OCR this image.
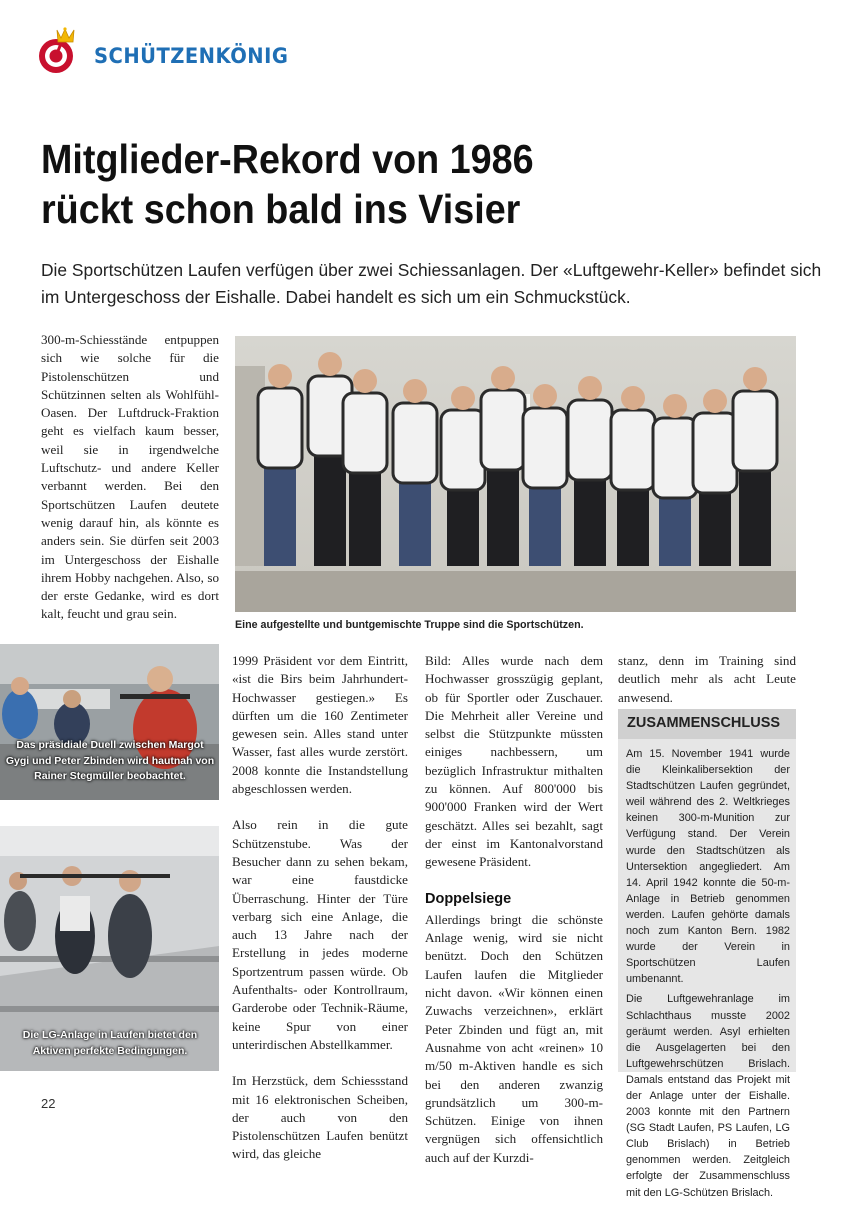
SCHÜTZENKÖNIG
Mitglieder-Rekord von 1986
rückt schon bald ins Visier

Die Sportschützen Laufen verfügen über zwei Schiessanlagen. Der «Luftgewehr-Keller» befindet sich im Untergeschoss der Eishalle. Dabei handelt es sich um ein Schmuckstück.

300-m-Schiesstände entpuppen sich wie solche für die Pistolenschützen und Schützinnen selten als Wohlfühl-Oasen. Der Luftdruck-Fraktion geht es vielfach kaum besser, weil sie in irgendwelche Luftschutz- und andere Keller verbannt werden. Bei den Sportschützen Laufen deutete wenig darauf hin, als könnte es anders sein. Sie dürfen seit 2003 im Untergeschoss der Eishalle ihrem Hobby nachgehen. Also, so der erste Gedanke, wird es dort kalt, feucht und grau sein.

Eine aufgestellte und buntgemischte Truppe sind die Sportschützen.
Das präsidiale Duell zwischen Margot Gygi und Peter Zbinden wird hautnah von Rainer Stegmüller beobachtet.
Die LG-Anlage in Laufen bietet den Aktiven perfekte Bedingungen.

1999 Präsident vor dem Eintritt, «ist die Birs beim Jahrhundert-Hochwasser gestiegen.» Es dürften um die 160 Zentimeter gewesen sein. Alles stand unter Wasser, fast alles wurde zerstört. 2008 konnte die Instandstellung abgeschlossen werden.

Also rein in die gute Schützenstube. Was der Besucher dann zu sehen bekam, war eine faustdicke Überraschung. Hinter der Türe verbarg sich eine Anlage, die auch 13 Jahre nach der Erstellung in jedes moderne Sportzentrum passen würde. Ob Aufenthalts- oder Kontrollraum, Garderobe oder Technik-Räume, keine Spur von einer unterirdischen Abstellkammer.

Im Herzstück, dem Schiessstand mit 16 elektronischen Scheiben, der auch von den Pistolenschützen Laufen benützt wird, das gleiche

Bild: Alles wurde nach dem Hochwasser grosszügig geplant, ob für Sportler oder Zuschauer. Die Mehrheit aller Vereine und selbst die Stützpunkte müssten einiges nachbessern, um bezüglich Infrastruktur mithalten zu können. Auf 800'000 bis 900'000 Franken wird der Wert geschätzt. Alles sei bezahlt, sagt der einst im Kantonalvorstand gewesene Präsident.

Doppelsiege

Allerdings bringt die schönste Anlage wenig, wird sie nicht benützt. Doch den Schützen Laufen laufen die Mitglieder nicht davon. «Wir können einen Zuwachs verzeichnen», erklärt Peter Zbinden und fügt an, mit Ausnahme von acht «reinen» 10 m/50 m-Aktiven handle es sich bei den anderen zwanzig grundsätzlich um 300-m-Schützen. Einige von ihnen vergnügen sich offensichtlich auch auf der Kurzdi-

stanz, denn im Training sind deutlich mehr als acht Leute anwesend.

ZUSAMMENSCHLUSS

Am 15. November 1941 wurde die Kleinkalibersektion der Stadtschützen Laufen gegründet, weil während des 2. Weltkrieges keinen 300-m-Munition zur Verfügung stand. Der Verein wurde den Stadtschützen als Untersektion angegliedert. Am 14. April 1942 konnte die 50-m-Anlage in Betrieb genommen werden. Laufen gehörte damals noch zum Kanton Bern. 1982 wurde der Verein in Sportschützen Laufen umbenannt.

Die Luftgewehranlage im Schlachthaus musste 2002 geräumt werden. Asyl erhielten die Ausgelagerten bei den Luftgewehrschützen Brislach. Damals entstand das Projekt mit der Anlage unter der Eishalle. 2003 konnte mit den Partnern (SG Stadt Laufen, PS Laufen, LG Club Brislach) in Betrieb genommen werden. Zeitgleich erfolgte der Zusammenschluss mit den LG-Schützen Brislach.

22
